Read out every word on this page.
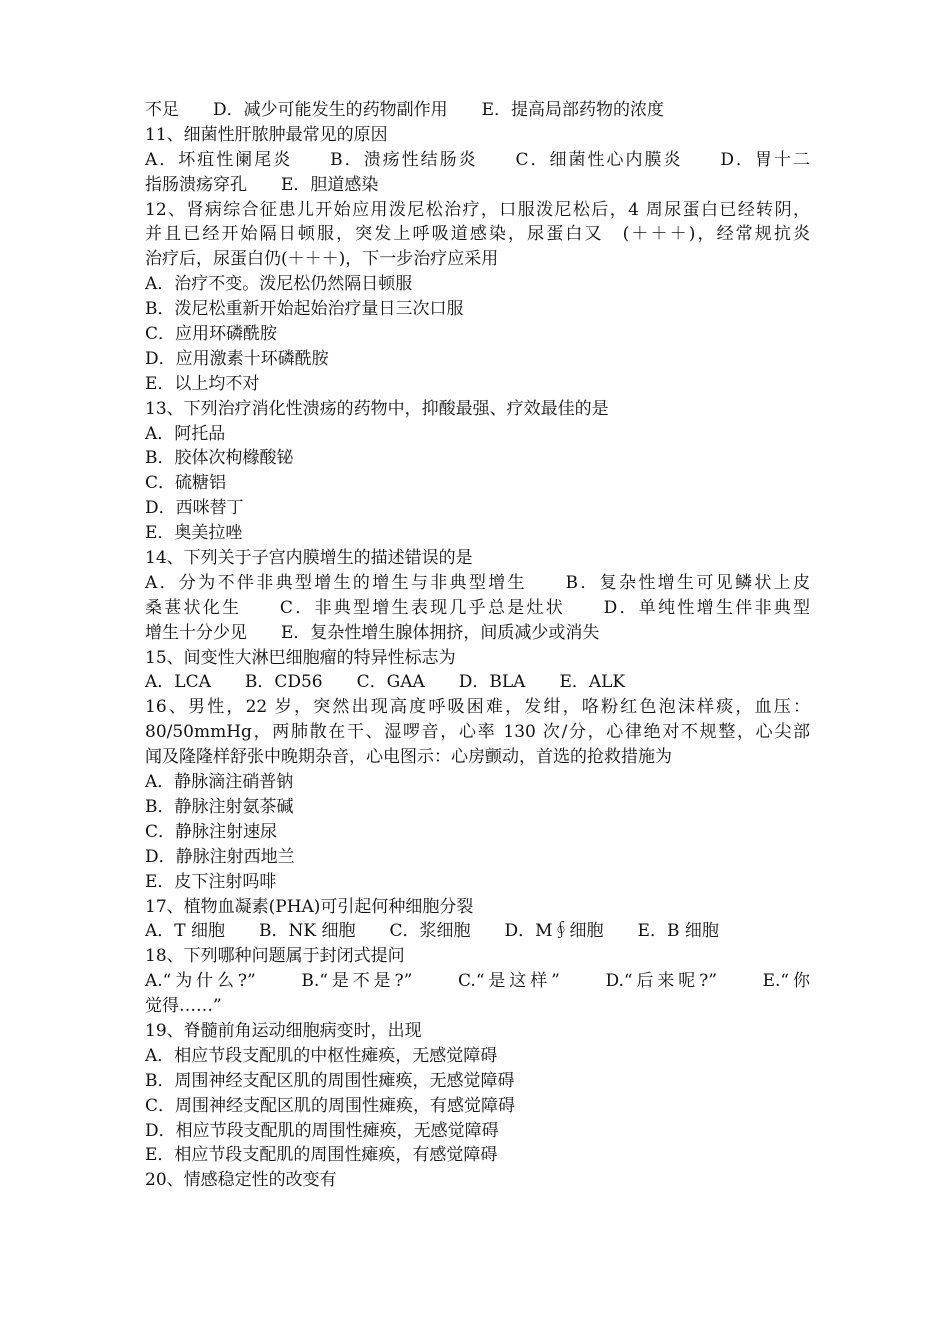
不足　　D．减少可能发生的药物副作用　　E．提高局部药物的浓度
11、细菌性肝脓肿最常见的原因
A．坏疽性阑尾炎　　B．溃疡性结肠炎　　C．细菌性心内膜炎　　D．胃十二
指肠溃疡穿孔　　E．胆道感染
12、肾病综合征患儿开始应用泼尼松治疗，口服泼尼松后，4 周尿蛋白已经转阴，
并且已经开始隔日顿服，突发上呼吸道感染，尿蛋白又　(＋＋＋)，经常规抗炎
治疗后，尿蛋白仍(＋＋＋)，下一步治疗应采用
A．治疗不变。泼尼松仍然隔日顿服
B．泼尼松重新开始起始治疗量日三次口服
C．应用环磷酰胺
D．应用激素十环磷酰胺
E．以上均不对
13、下列治疗消化性溃疡的药物中，抑酸最强、疗效最佳的是
A．阿托品
B．胶体次枸橼酸铋
C．硫糖铝
D．西咪替丁
E．奥美拉唑
14、下列关于子宫内膜增生的描述错误的是
A．分为不伴非典型增生的增生与非典型增生　　B．复杂性增生可见鳞状上皮
桑葚状化生　　C．非典型增生表现几乎总是灶状　　D．单纯性增生伴非典型
增生十分少见　　E．复杂性增生腺体拥挤，间质减少或消失
15、间变性大淋巴细胞瘤的特异性标志为
A．LCA　　B．CD56　　C．GAA　　D．BLA　　E．ALK
16、男性，22 岁，突然出现高度呼吸困难，发绀，咯粉红色泡沫样痰，血压：
80/50mmHg，两肺散在干、湿啰音，心率 130 次/分，心律绝对不规整，心尖部
闻及隆隆样舒张中晚期杂音，心电图示：心房颤动，首选的抢救措施为
A．静脉滴注硝普钠
B．静脉注射氨茶碱
C．静脉注射速尿
D．静脉注射西地兰
E．皮下注射吗啡
17、植物血凝素(PHA)可引起何种细胞分裂
A．T 细胞　　B．NK 细胞　　C．浆细胞　　D．M∮细胞　　E．B 细胞
18、下列哪种问题属于封闭式提问
A.“为什么?”　　B.“是不是?”　　C.“是这样”　　D.“后来呢?”　　E.“你
觉得……”
19、脊髓前角运动细胞病变时，出现
A．相应节段支配肌的中枢性瘫痪，无感觉障碍
B．周围神经支配区肌的周围性瘫痪，无感觉障碍
C．周围神经支配区肌的周围性瘫痪，有感觉障碍
D．相应节段支配肌的周围性瘫痪，无感觉障碍
E．相应节段支配肌的周围性瘫痪，有感觉障碍
20、情感稳定性的改变有
